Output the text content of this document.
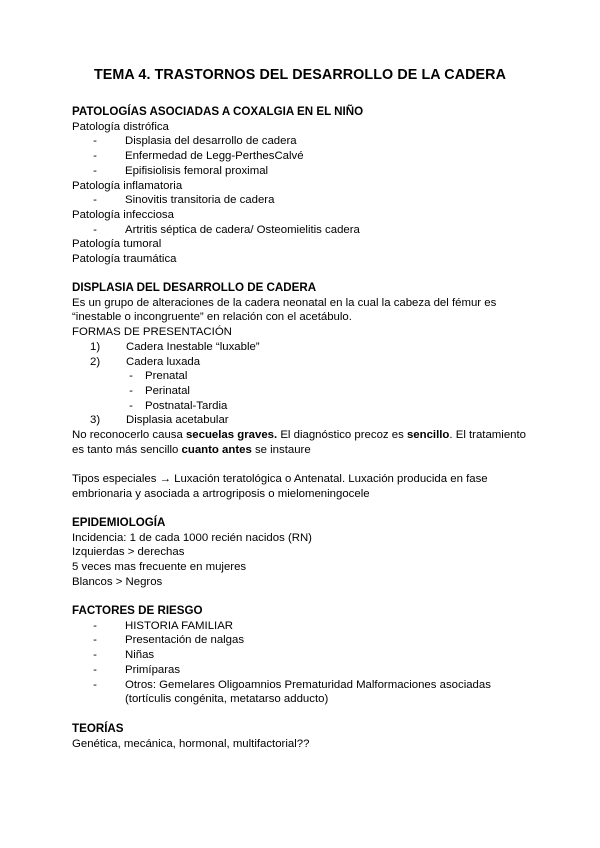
TEMA 4. TRASTORNOS DEL DESARROLLO DE LA CADERA

PATOLOGÍAS ASOCIADAS A COXALGIA EN EL NIÑO

Patología distrófica

- Displasia del desarrollo de cadera
- Enfermedad de Legg-PerthesCalvé
- Epifisiolisis femoral proximal

Patología inflamatoria

- Sinovitis transitoria de cadera

Patología infecciosa

- Artritis séptica de cadera/ Osteomielitis cadera

Patología tumoral

Patología traumática

DISPLASIA DEL DESARROLLO DE CADERA

Es un grupo de alteraciones de la cadera neonatal en la cual la cabeza del fémur es “inestable o incongruente” en relación con el acetábulo.

FORMAS DE PRESENTACIÓN

1) Cadera Inestable “luxable”
2) Cadera luxada
- Prenatal
- Perinatal
- Postnatal-Tardia
3) Displasia acetabular

No reconocerlo causa secuelas graves. El diagnóstico precoz es sencillo. El tratamiento es tanto más sencillo cuanto antes se instaure

Tipos especiales → Luxación teratológica o Antenatal. Luxación producida en fase embrionaria y asociada a artrogriposis o mielomeningocele

EPIDEMIOLOGÍA

Incidencia: 1 de cada 1000 recién nacidos (RN)

Izquierdas > derechas

5 veces mas frecuente en mujeres

Blancos > Negros

FACTORES DE RIESGO

- HISTORIA FAMILIAR
- Presentación de nalgas
- Niñas
- Primíparas
- Otros: Gemelares Oligoamnios Prematuridad Malformaciones asociadas (tortículis congénita, metatarso adducto)

TEORÍAS

Genética, mecánica, hormonal, multifactorial??
